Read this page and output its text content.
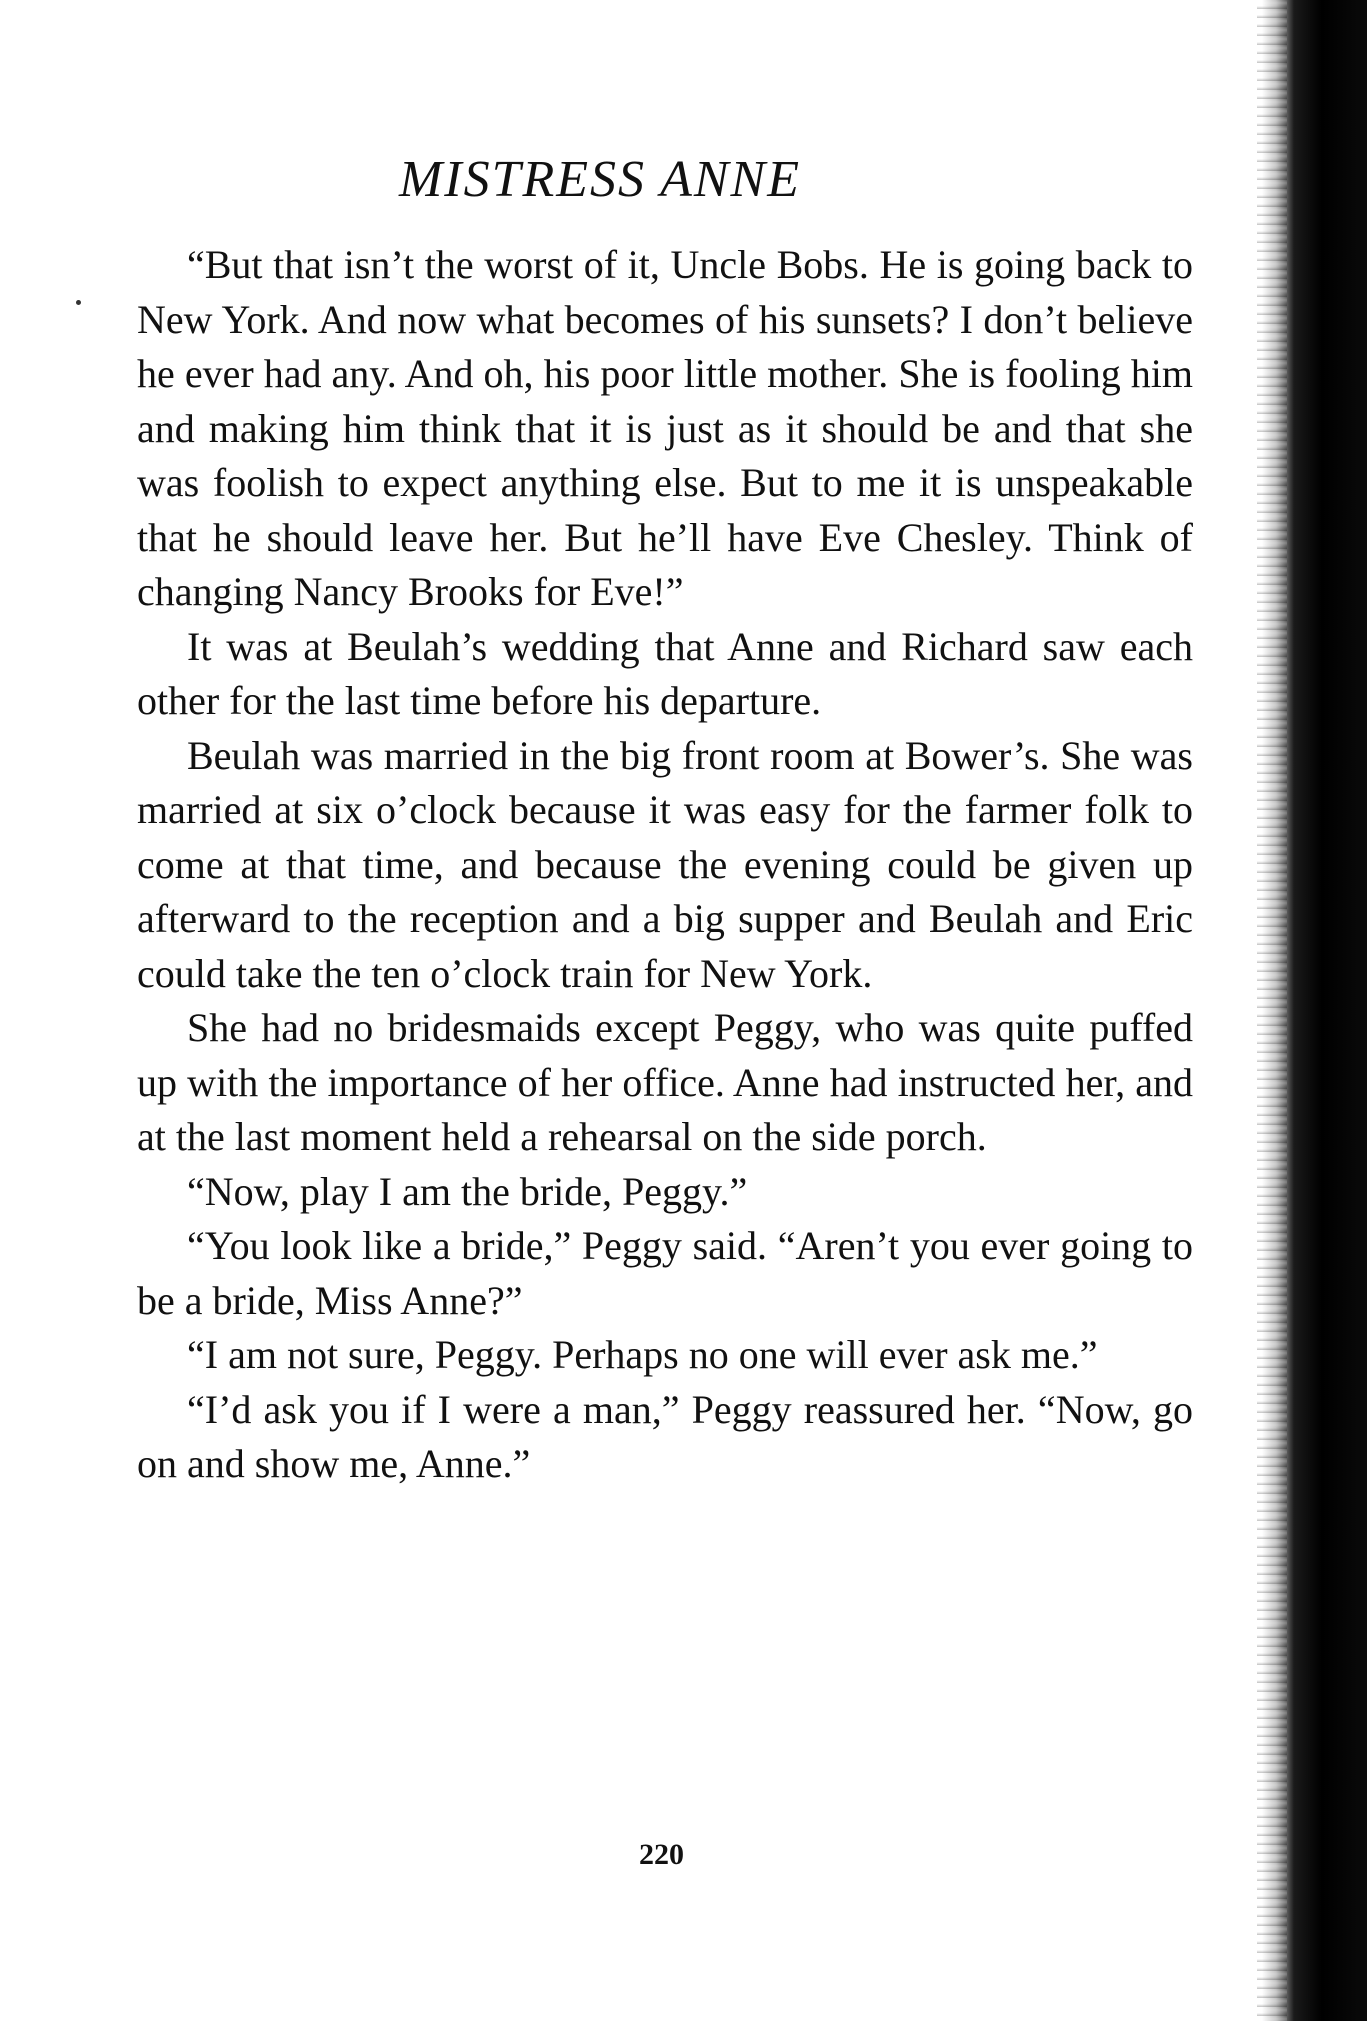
MISTRESS ANNE

“But that isn’t the worst of it, Uncle Bobs. He is going back to New York. And now what becomes of his sunsets? I don’t believe he ever had any. And oh, his poor little mother. She is fooling him and making him think that it is just as it should be and that she was foolish to expect anything else. But to me it is unspeakable that he should leave her. But he’ll have Eve Chesley. Think of changing Nancy Brooks for Eve!”

It was at Beulah’s wedding that Anne and Richard saw each other for the last time before his departure.

Beulah was married in the big front room at Bower’s. She was married at six o’clock because it was easy for the farmer folk to come at that time, and because the evening could be given up afterward to the reception and a big supper and Beulah and Eric could take the ten o’clock train for New York.

She had no bridesmaids except Peggy, who was quite puffed up with the importance of her office. Anne had instructed her, and at the last moment held a rehearsal on the side porch.

“Now, play I am the bride, Peggy.”

“You look like a bride,” Peggy said. “Aren’t you ever going to be a bride, Miss Anne?”

“I am not sure, Peggy. Perhaps no one will ever ask me.”

“I’d ask you if I were a man,” Peggy reassured her. “Now, go on and show me, Anne.”

220
